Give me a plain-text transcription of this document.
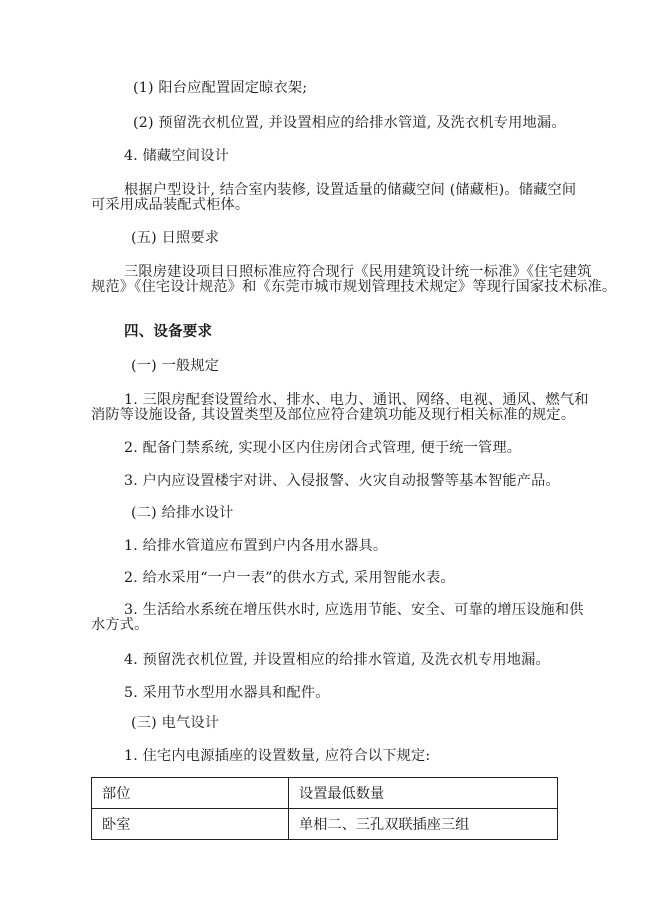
(1) 阳台应配置固定晾衣架;
(2) 预留洗衣机位置, 并设置相应的给排水管道, 及洗衣机专用地漏。
4. 储藏空间设计
根据户型设计, 结合室内装修, 设置适量的储藏空间 (储藏柜)。储藏空间
可采用成品装配式柜体。
(五) 日照要求
三限房建设项目日照标准应符合现行《民用建筑设计统一标准》《住宅建筑
规范》《住宅设计规范》和《东莞市城市规划管理技术规定》等现行国家技术标准。
四、设备要求
(一) 一般规定
1. 三限房配套设置给水、排水、电力、通讯、网络、电视、通风、燃气和
消防等设施设备, 其设置类型及部位应符合建筑功能及现行相关标准的规定。
2. 配备门禁系统, 实现小区内住房闭合式管理, 便于统一管理。
3. 户内应设置楼宇对讲、入侵报警、火灾自动报警等基本智能产品。
(二) 给排水设计
1. 给排水管道应布置到户内各用水器具。
2. 给水采用“一户一表”的供水方式, 采用智能水表。
3. 生活给水系统在增压供水时, 应选用节能、安全、可靠的增压设施和供
水方式。
4. 预留洗衣机位置, 并设置相应的给排水管道, 及洗衣机专用地漏。
5. 采用节水型用水器具和配件。
(三) 电气设计
1. 住宅内电源插座的设置数量, 应符合以下规定:
部位	设置最低数量
卧室	单相二、三孔双联插座三组
